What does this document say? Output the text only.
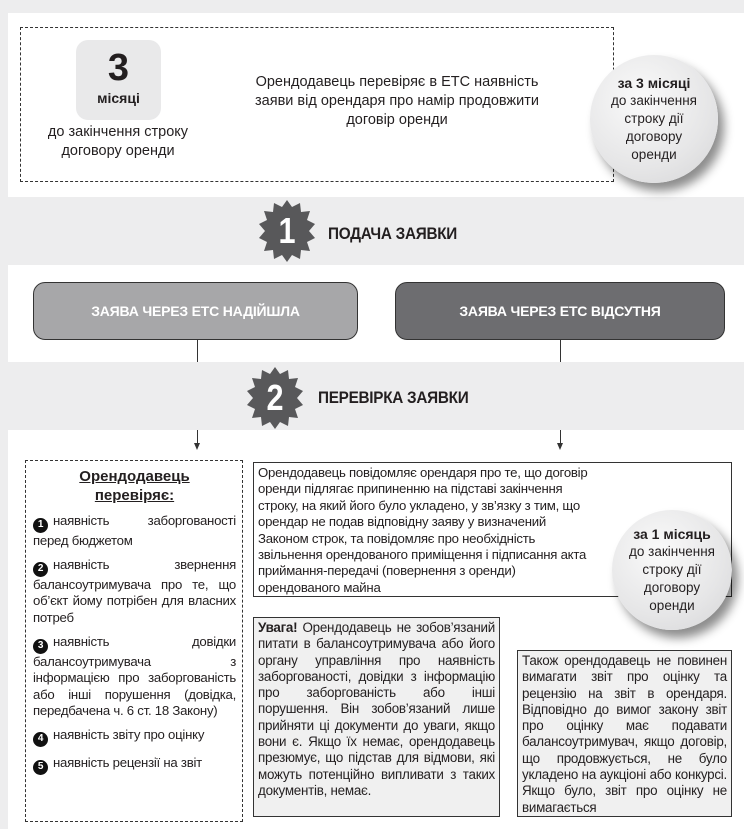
3
місяці
до закінчення строку договору оренди
Орендодавець перевіряє в ЕТС наявність заяви від орендаря про намір продовжити договір оренди
за 3 місяці
до закінчення строку дії договору оренди
1 ПОДАЧА ЗАЯВКИ
ЗАЯВА ЧЕРЕЗ ЕТС НАДІЙШЛА	ЗАЯВА ЧЕРЕЗ ЕТС ВІДСУТНЯ
2 ПЕРЕВІРКА ЗАЯВКИ
Орендодавець перевіряє:
1 наявність заборгованості перед бюджетом
2 наявність звернення балансоутримувача про те, що об’єкт йому потрібен для власних потреб
3 наявність довідки балансоутримувача з інформацією про заборгованість або інші порушення (довідка, передбачена ч. 6 ст. 18 Закону)
4 наявність звіту про оцінку
5 наявність рецензії на звіт
Орендодавець повідомляє орендаря про те, що договір оренди підлягає припиненню на підставі закінчення строку, на який його було укладено, у зв’язку з тим, що орендар не подав відповідну заяву у визначений Законом строк, та повідомляє про необхідність звільнення орендованого приміщення і підписання акта приймання-передачі (повернення з оренди) орендованого майна
за 1 місяць
до закінчення строку дії договору оренди
Увага! Орендодавець не зобов’язаний питати в балансоутримувача або його органу управління про наявність заборгованості, довідки з інформацію про заборгованість або інші порушення. Він зобов’язаний лише прийняти ці документи до уваги, якщо вони є. Якщо їх немає, орендодавець презюмує, що підстав для відмови, які можуть потенційно випливати з таких документів, немає.
Також орендодавець не повинен вимагати звіт про оцінку та рецензію на звіт в орендаря. Відповідно до вимог закону звіт про оцінку має подавати балансоутримувач, якщо договір, що продовжується, не було укладено на аукціоні або конкурсі. Якщо було, звіт про оцінку не вимагається
